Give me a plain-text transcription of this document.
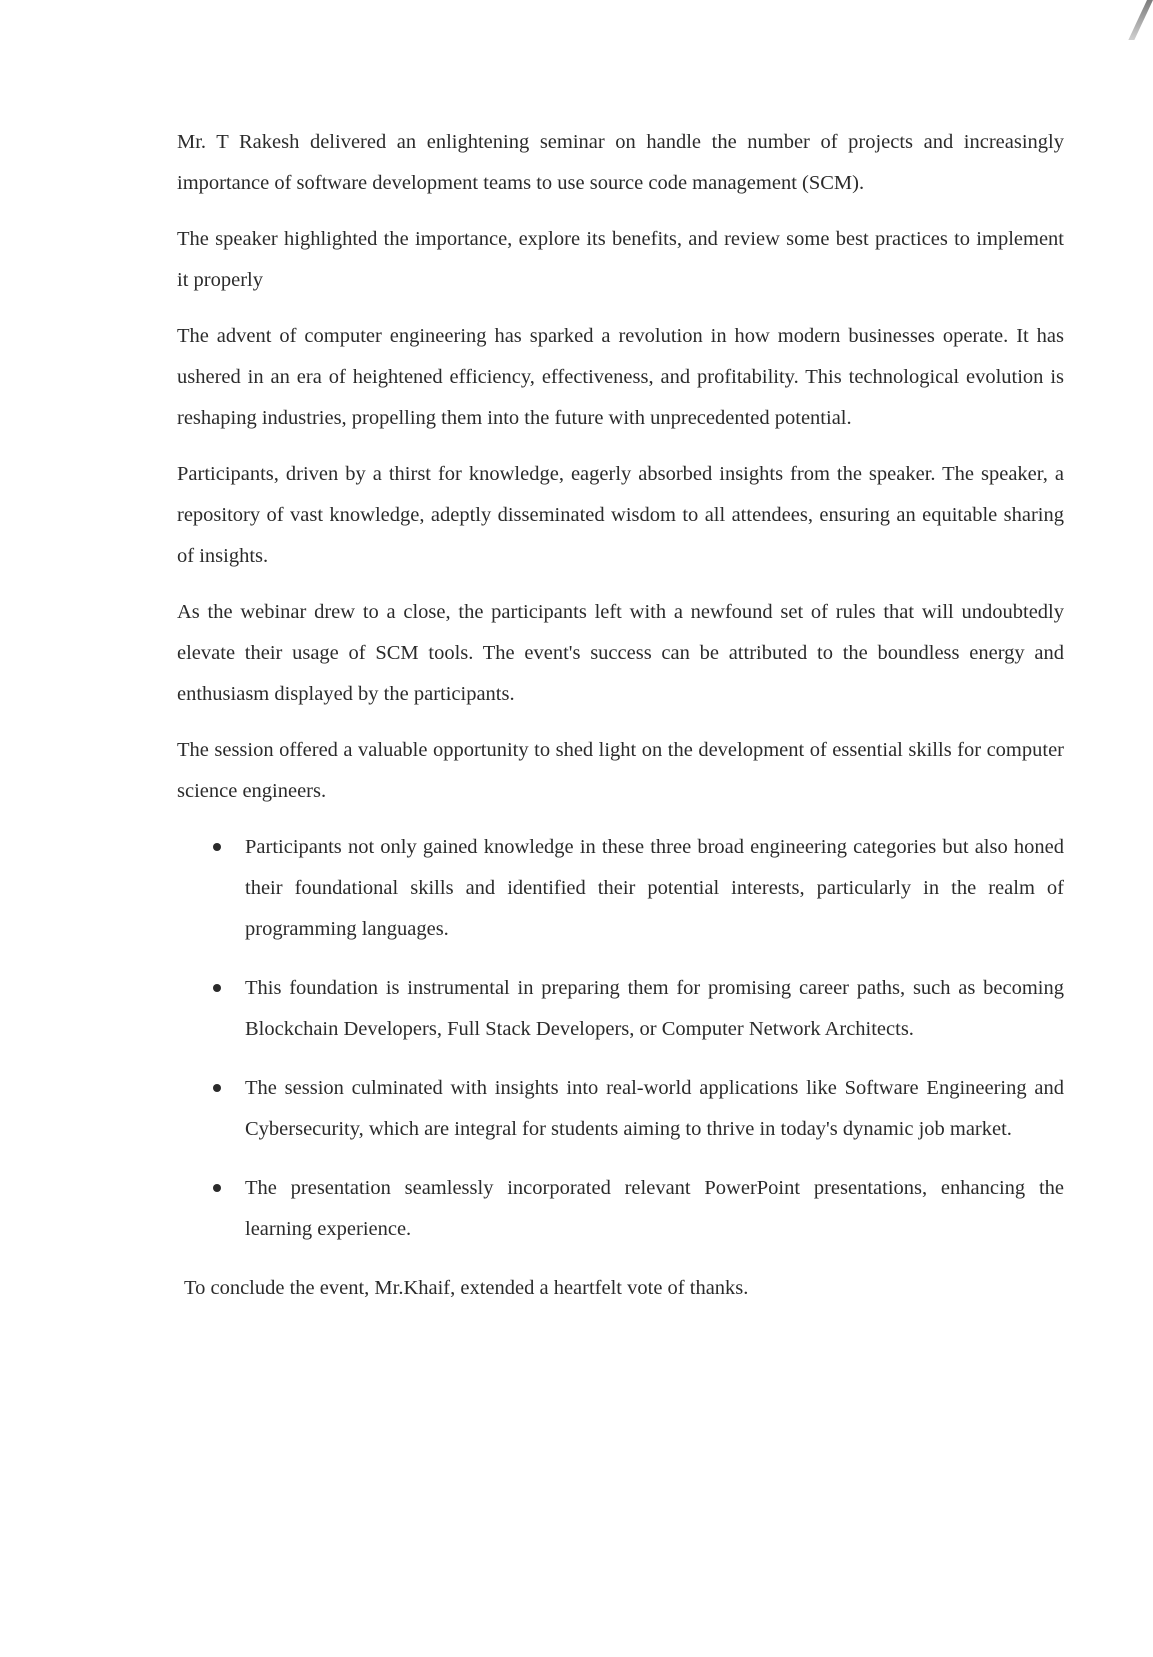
Mr. T Rakesh delivered an enlightening seminar on handle the number of projects and increasingly importance of software development teams to use source code management (SCM).

The speaker highlighted the importance, explore its benefits, and review some best practices to implement it properly

The advent of computer engineering has sparked a revolution in how modern businesses operate. It has ushered in an era of heightened efficiency, effectiveness, and profitability. This technological evolution is reshaping industries, propelling them into the future with unprecedented potential.

Participants, driven by a thirst for knowledge, eagerly absorbed insights from the speaker. The speaker, a repository of vast knowledge, adeptly disseminated wisdom to all attendees, ensuring an equitable sharing of insights.

As the webinar drew to a close, the participants left with a newfound set of rules that will undoubtedly elevate their usage of SCM tools. The event's success can be attributed to the boundless energy and enthusiasm displayed by the participants.

The session offered a valuable opportunity to shed light on the development of essential skills for computer science engineers.

Participants not only gained knowledge in these three broad engineering categories but also honed their foundational skills and identified their potential interests, particularly in the realm of programming languages.
This foundation is instrumental in preparing them for promising career paths, such as becoming Blockchain Developers, Full Stack Developers, or Computer Network Architects.
The session culminated with insights into real-world applications like Software Engineering and Cybersecurity, which are integral for students aiming to thrive in today's dynamic job market.
The presentation seamlessly incorporated relevant PowerPoint presentations, enhancing the learning experience.

To conclude the event, Mr.Khaif, extended a heartfelt vote of thanks.
